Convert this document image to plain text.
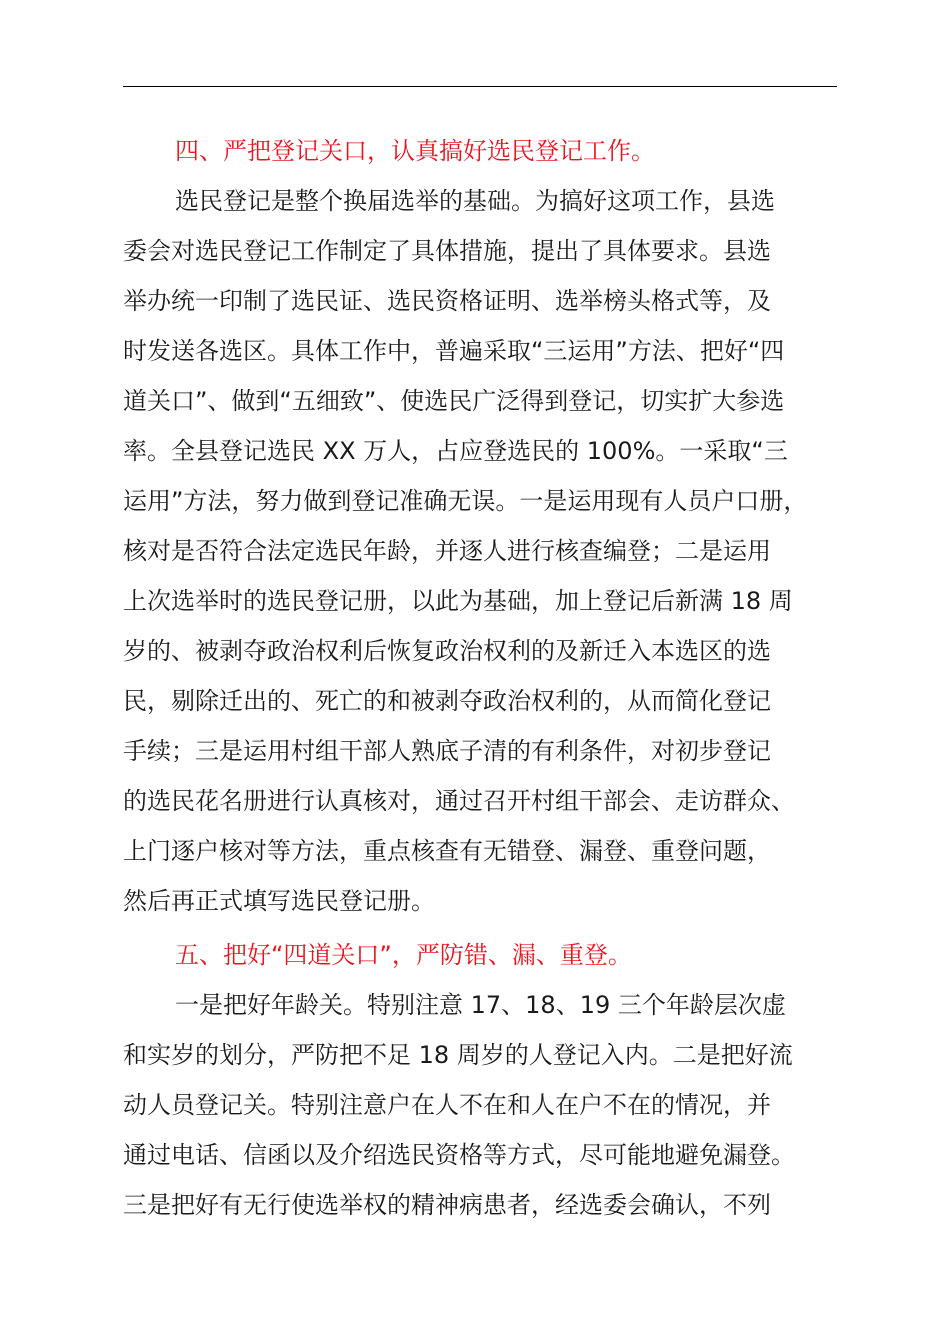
四、严把登记关口，认真搞好选民登记工作。
选民登记是整个换届选举的基础。为搞好这项工作，县选
委会对选民登记工作制定了具体措施，提出了具体要求。县选
举办统一印制了选民证、选民资格证明、选举榜头格式等，及
时发送各选区。具体工作中，普遍采取“三运用”方法、把好“四
道关口”、做到“五细致”、使选民广泛得到登记，切实扩大参选
率。全县登记选民 XX 万人，占应登选民的 100%。一采取“三
运用”方法，努力做到登记准确无误。一是运用现有人员户口册，
核对是否符合法定选民年龄，并逐人进行核查编登；二是运用
上次选举时的选民登记册，以此为基础，加上登记后新满 18 周
岁的、被剥夺政治权利后恢复政治权利的及新迁入本选区的选
民，剔除迁出的、死亡的和被剥夺政治权利的，从而简化登记
手续；三是运用村组干部人熟底子清的有利条件，对初步登记
的选民花名册进行认真核对，通过召开村组干部会、走访群众、
上门逐户核对等方法，重点核查有无错登、漏登、重登问题，
然后再正式填写选民登记册。
五、把好“四道关口”，严防错、漏、重登。
一是把好年龄关。特别注意 17、18、19 三个年龄层次虚
和实岁的划分，严防把不足 18 周岁的人登记入内。二是把好流
动人员登记关。特别注意户在人不在和人在户不在的情况，并
通过电话、信函以及介绍选民资格等方式，尽可能地避免漏登。
三是把好有无行使选举权的精神病患者，经选委会确认，不列
